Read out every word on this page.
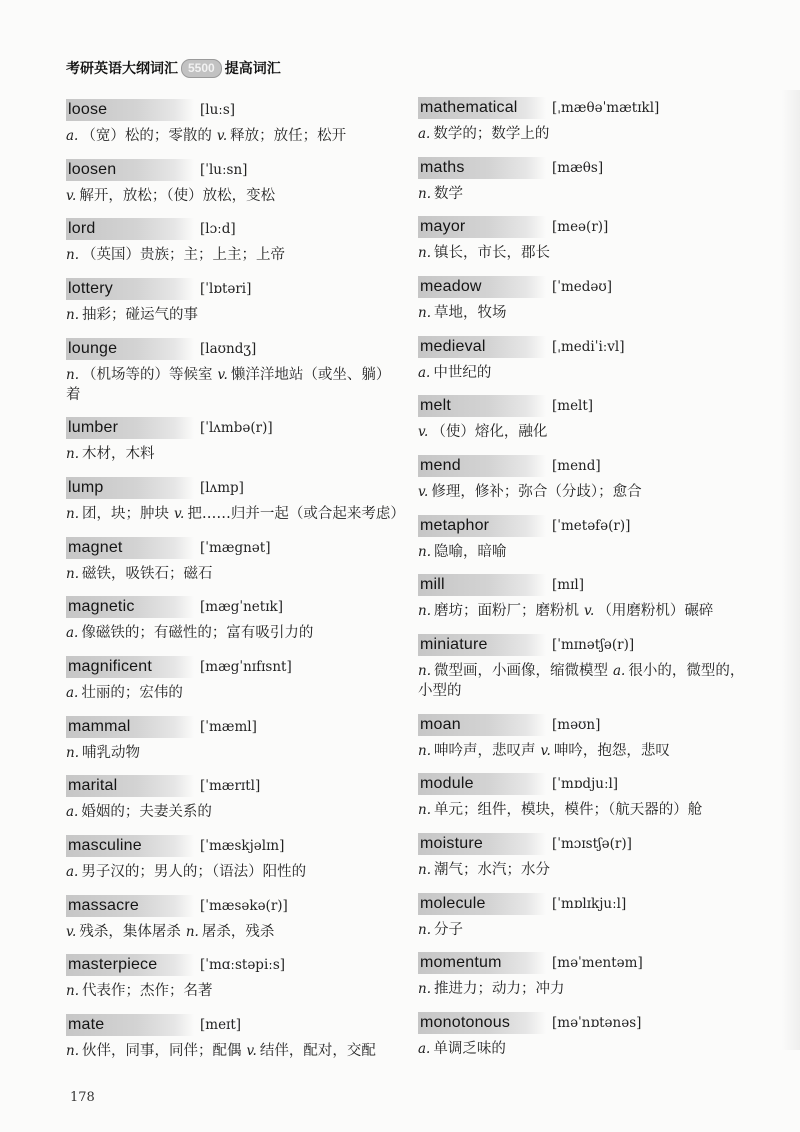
考研英语大纲词汇 5500 提高词汇
loose	[luːs]
a. （宽）松的；零散的 v. 释放；放任；松开
loosen	[ˈluːsn]
v. 解开，放松；（使）放松，变松
lord	[lɔːd]
n. （英国）贵族；主；上主；上帝
lottery	[ˈlɒtəri]
n. 抽彩；碰运气的事
lounge	[laʊndʒ]
n. （机场等的）等候室 v. 懒洋洋地站（或坐、躺）
着
lumber	[ˈlʌmbə(r)]
n. 木材，木料
lump	[lʌmp]
n. 团，块；肿块 v. 把……归并一起（或合起来考虑）
magnet	[ˈmægnət]
n. 磁铁，吸铁石；磁石
magnetic	[mægˈnetɪk]
a. 像磁铁的；有磁性的；富有吸引力的
magnificent	[mægˈnɪfɪsnt]
a. 壮丽的；宏伟的
mammal	[ˈmæml]
n. 哺乳动物
marital	[ˈmærɪtl]
a. 婚姻的；夫妻关系的
masculine	[ˈmæskjəlɪn]
a. 男子汉的；男人的；（语法）阳性的
massacre	[ˈmæsəkə(r)]
v. 残杀，集体屠杀 n. 屠杀，残杀
masterpiece	[ˈmɑːstəpiːs]
n. 代表作；杰作；名著
mate	[meɪt]
n. 伙伴，同事，同伴；配偶 v. 结伴，配对，交配
mathematical	[ˌmæθəˈmætɪkl]
a. 数学的；数学上的
maths	[mæθs]
n. 数学
mayor	[meə(r)]
n. 镇长，市长，郡长
meadow	[ˈmedəʊ]
n. 草地，牧场
medieval	[ˌmediˈiːvl]
a. 中世纪的
melt	[melt]
v. （使）熔化，融化
mend	[mend]
v. 修理，修补；弥合（分歧）；愈合
metaphor	[ˈmetəfə(r)]
n. 隐喻，暗喻
mill	[mɪl]
n. 磨坊；面粉厂；磨粉机 v. （用磨粉机）碾碎
miniature	[ˈmɪnətʃə(r)]
n. 微型画，小画像，缩微模型 a. 很小的，微型的，
小型的
moan	[məʊn]
n. 呻吟声，悲叹声 v. 呻吟，抱怨，悲叹
module	[ˈmɒdjuːl]
n. 单元；组件，模块，模件；（航天器的）舱
moisture	[ˈmɔɪstʃə(r)]
n. 潮气；水汽；水分
molecule	[ˈmɒlɪkjuːl]
n. 分子
momentum	[məˈmentəm]
n. 推进力；动力；冲力
monotonous	[məˈnɒtənəs]
a. 单调乏味的
178
